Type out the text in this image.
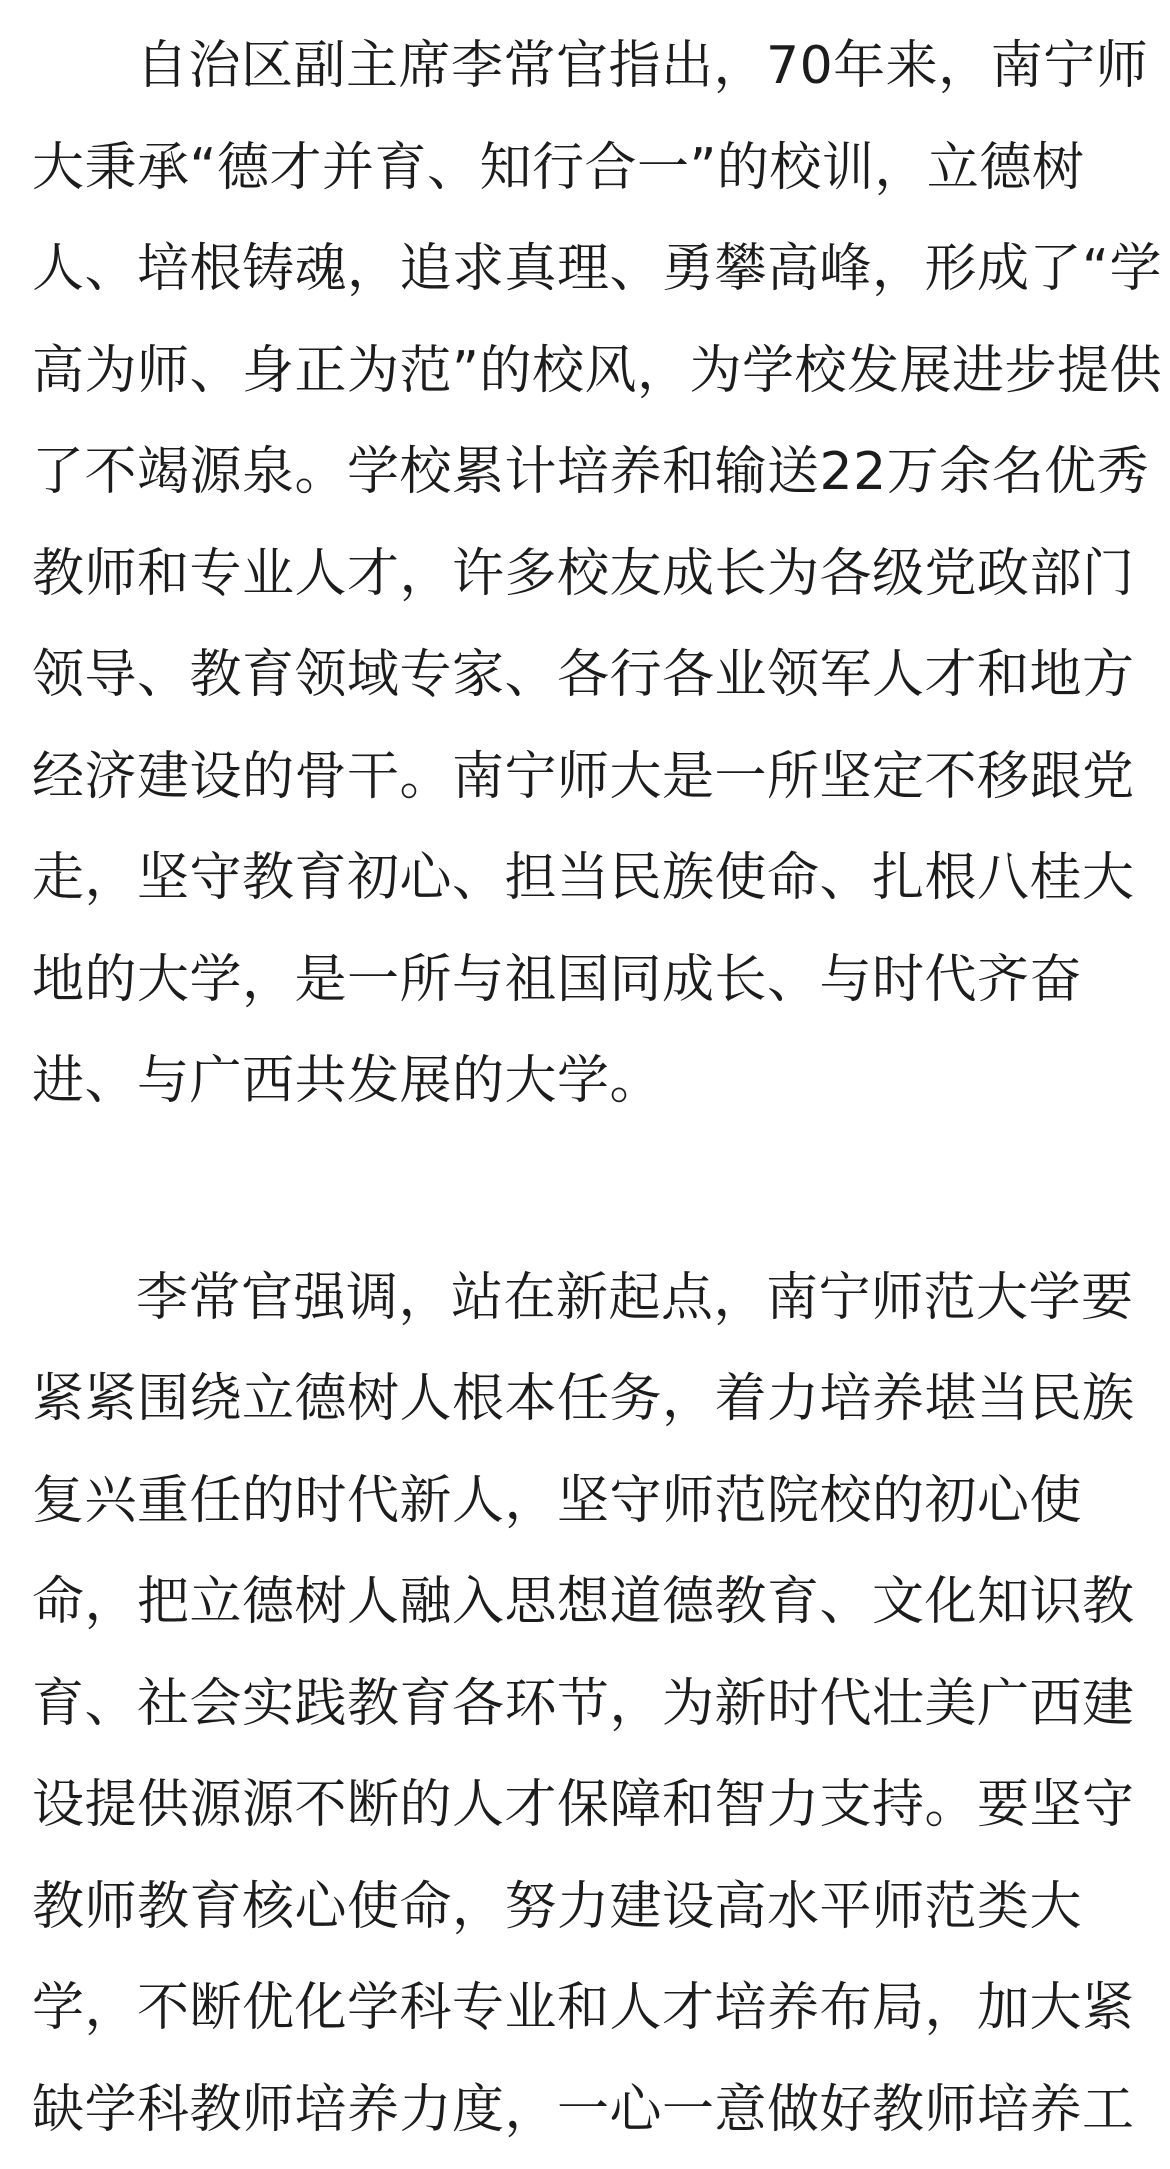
自治区副主席李常官指出，70年来，南宁师
大秉承“德才并育、知行合一”的校训，立德树
人、培根铸魂，追求真理、勇攀高峰，形成了“学
高为师、身正为范”的校风，为学校发展进步提供
了不竭源泉。学校累计培养和输送22万余名优秀
教师和专业人才，许多校友成长为各级党政部门
领导、教育领域专家、各行各业领军人才和地方
经济建设的骨干。南宁师大是一所坚定不移跟党
走，坚守教育初心、担当民族使命、扎根八桂大
地的大学，是一所与祖国同成长、与时代齐奋
进、与广西共发展的大学。
李常官强调，站在新起点，南宁师范大学要
紧紧围绕立德树人根本任务，着力培养堪当民族
复兴重任的时代新人，坚守师范院校的初心使
命，把立德树人融入思想道德教育、文化知识教
育、社会实践教育各环节，为新时代壮美广西建
设提供源源不断的人才保障和智力支持。要坚守
教师教育核心使命，努力建设高水平师范类大
学，不断优化学科专业和人才培养布局，加大紧
缺学科教师培养力度，一心一意做好教师培养工
